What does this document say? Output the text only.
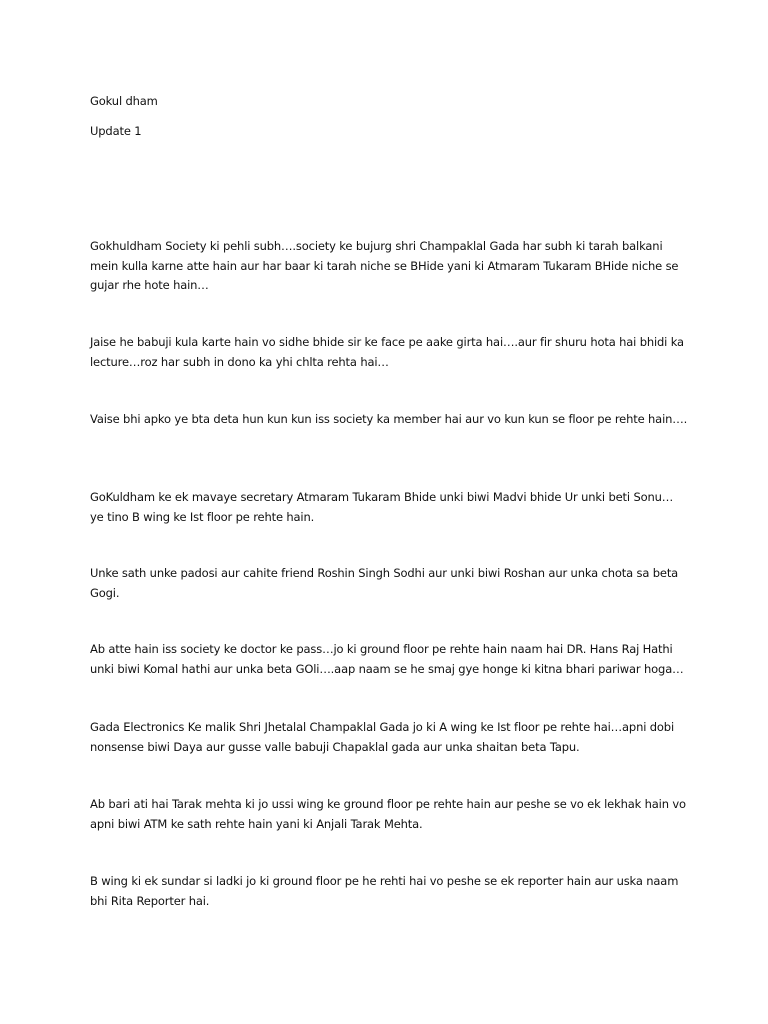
Gokul dham
Update 1
Gokhuldham Society ki pehli subh….society ke bujurg shri Champaklal Gada har subh ki tarah balkani mein kulla karne atte hain aur har baar ki tarah niche se BHide yani ki Atmaram Tukaram BHide niche se gujar rhe hote hain…
Jaise he babuji kula karte hain vo sidhe bhide sir ke face pe aake girta hai….aur fir shuru hota hai bhidi ka lecture…roz har subh in dono ka yhi chlta rehta hai…
Vaise bhi apko ye bta deta hun kun kun iss society ka member hai aur vo kun kun se floor pe rehte hain….
GoKuldham ke ek mavaye secretary Atmaram Tukaram Bhide unki biwi Madvi bhide Ur unki beti Sonu… ye tino B wing ke Ist floor pe rehte hain.
Unke sath unke padosi aur cahite friend Roshin Singh Sodhi aur unki biwi Roshan aur unka chota sa beta Gogi.
Ab atte hain iss society ke doctor ke pass…jo ki ground floor pe rehte hain naam hai DR. Hans Raj Hathi unki biwi Komal hathi aur unka beta GOli….aap naam se he smaj gye honge ki kitna bhari pariwar hoga…
Gada Electronics Ke malik Shri Jhetalal Champaklal Gada jo ki A wing ke Ist floor pe rehte hai…apni dobi nonsense biwi Daya aur gusse valle babuji Chapaklal gada aur unka shaitan beta Tapu.
Ab bari ati hai Tarak mehta ki jo ussi wing ke ground floor pe rehte hain aur peshe se vo ek lekhak hain vo apni biwi ATM ke sath rehte hain yani ki Anjali Tarak Mehta.
B wing ki ek sundar si ladki jo ki ground floor pe he rehti hai vo peshe se ek reporter hain aur uska naam bhi Rita Reporter hai.
